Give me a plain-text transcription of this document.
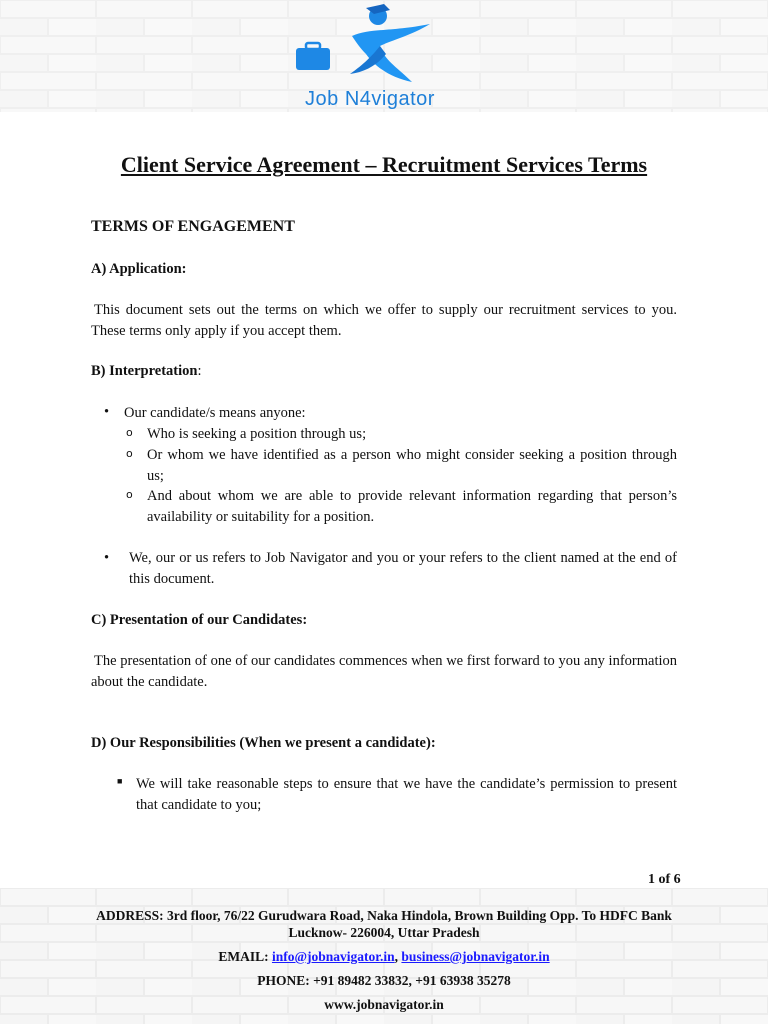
Job N4vigator
Client Service Agreement – Recruitment Services Terms
TERMS OF ENGAGEMENT
A) Application:
This document sets out the terms on which we offer to supply our recruitment services to you. These terms only apply if you accept them.
B) Interpretation:
• Our candidate/s means anyone:
o Who is seeking a position through us;
o Or whom we have identified as a person who might consider seeking a position through us;
o And about whom we are able to provide relevant information regarding that person’s availability or suitability for a position.
• We, our or us refers to Job Navigator and you or your refers to the client named at the end of this document.
C) Presentation of our Candidates:
The presentation of one of our candidates commences when we first forward to you any information about the candidate.
D) Our Responsibilities (When we present a candidate):
■ We will take reasonable steps to ensure that we have the candidate’s permission to present that candidate to you;
1 of 6
ADDRESS: 3rd floor, 76/22 Gurudwara Road, Naka Hindola, Brown Building Opp. To HDFC Bank
Lucknow- 226004, Uttar Pradesh
EMAIL: info@jobnavigator.in, business@jobnavigator.in
PHONE: +91 89482 33832, +91 63938 35278
www.jobnavigator.in
